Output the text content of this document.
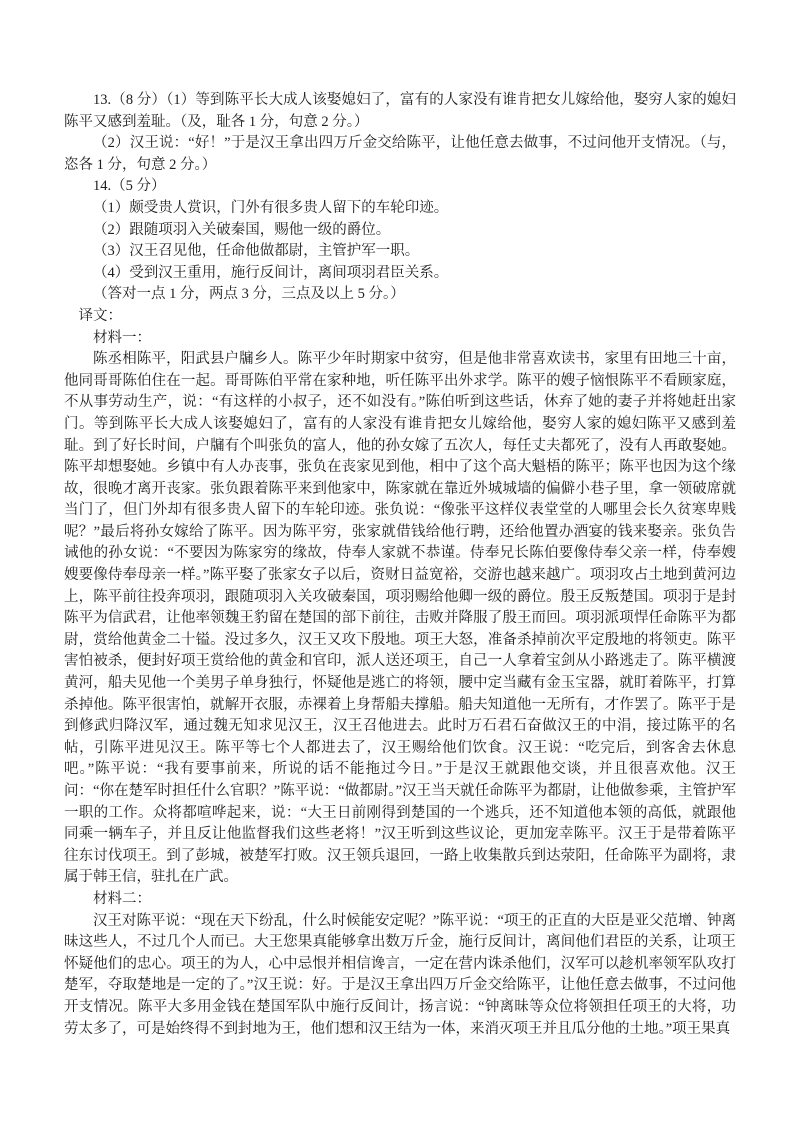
13.（8 分）（1）等到陈平长大成人该娶媳妇了，富有的人家没有谁肯把女儿嫁给他，娶穷人家的媳妇陈平又感到羞耻。（及，耻各 1 分，句意 2 分。）

（2）汉王说：“好！”于是汉王拿出四万斤金交给陈平，让他任意去做事，不过问他开支情况。（与，恣各 1 分，句意 2 分。）

14.（5 分）

（1）颇受贵人赏识，门外有很多贵人留下的车轮印迹。

（2）跟随项羽入关破秦国，赐他一级的爵位。

（3）汉王召见他，任命他做都尉，主管护军一职。

（4）受到汉王重用，施行反间计，离间项羽君臣关系。

（答对一点 1 分，两点 3 分，三点及以上 5 分。）

译文：

材料一：

陈丞相陈平，阳武县户牖乡人。陈平少年时期家中贫穷，但是他非常喜欢读书，家里有田地三十亩，他同哥哥陈伯住在一起。哥哥陈伯平常在家种地，听任陈平出外求学。陈平的嫂子恼恨陈平不看顾家庭，不从事劳动生产，说：“有这样的小叔子，还不如没有。”陈伯听到这些话，休弃了她的妻子并将她赶出家门。等到陈平长大成人该娶媳妇了，富有的人家没有谁肯把女儿嫁给他，娶穷人家的媳妇陈平又感到羞耻。到了好长时间，户牖有个叫张负的富人，他的孙女嫁了五次人，每任丈夫都死了，没有人再敢娶她。陈平却想娶她。乡镇中有人办丧事，张负在丧家见到他，相中了这个高大魁梧的陈平；陈平也因为这个缘故，很晚才离开丧家。张负跟着陈平来到他家中，陈家就在靠近外城城墙的偏僻小巷子里，拿一领破席就当门了，但门外却有很多贵人留下的车轮印迹。张负说：“像张平这样仪表堂堂的人哪里会长久贫寒卑贱呢？”最后将孙女嫁给了陈平。因为陈平穷，张家就借钱给他行聘，还给他置办酒宴的钱来娶亲。张负告诫他的孙女说：“不要因为陈家穷的缘故，侍奉人家就不恭谨。侍奉兄长陈伯要像侍奉父亲一样，侍奉嫂嫂要像侍奉母亲一样。”陈平娶了张家女子以后，资财日益宽裕，交游也越来越广。项羽攻占土地到黄河边上，陈平前往投奔项羽，跟随项羽入关攻破秦国，项羽赐给他卿一级的爵位。殷王反叛楚国。项羽于是封陈平为信武君，让他率领魏王豹留在楚国的部下前往，击败并降服了殷王而回。项羽派项悍任命陈平为都尉，赏给他黄金二十镒。没过多久，汉王又攻下殷地。项王大怒，准备杀掉前次平定殷地的将领吏。陈平害怕被杀，便封好项王赏给他的黄金和官印，派人送还项王，自己一人拿着宝剑从小路逃走了。陈平横渡黄河，船夫见他一个美男子单身独行，怀疑他是逃亡的将领，腰中定当藏有金玉宝器，就盯着陈平，打算杀掉他。陈平很害怕，就解开衣服，赤裸着上身帮船夫撑船。船夫知道他一无所有，才作罢了。陈平于是到修武归降汉军，通过魏无知求见汉王，汉王召他进去。此时万石君石奋做汉王的中涓，接过陈平的名帖，引陈平进见汉王。陈平等七个人都进去了，汉王赐给他们饮食。汉王说：“吃完后，到客舍去休息吧。”陈平说：“我有要事前来，所说的话不能拖过今日。”于是汉王就跟他交谈，并且很喜欢他。汉王问：“你在楚军时担任什么官职？”陈平说：“做都尉。”汉王当天就任命陈平为都尉，让他做参乘，主管护军一职的工作。众将都喧哗起来，说：“大王日前刚得到楚国的一个逃兵，还不知道他本领的高低，就跟他同乘一辆车子，并且反让他监督我们这些老将！”汉王听到这些议论，更加宠幸陈平。汉王于是带着陈平往东讨伐项王。到了彭城，被楚军打败。汉王领兵退回，一路上收集散兵到达荥阳，任命陈平为副将，隶属于韩王信，驻扎在广武。

材料二：

汉王对陈平说：“现在天下纷乱，什么时候能安定呢？”陈平说：“项王的正直的大臣是亚父范增、钟离昧这些人，不过几个人而已。大王您果真能够拿出数万斤金，施行反间计，离间他们君臣的关系，让项王怀疑他们的忠心。项王的为人，心中忌恨并相信谗言，一定在营内诛杀他们，汉军可以趁机率领军队攻打楚军，夺取楚地是一定的了。”汉王说：好。于是汉王拿出四万斤金交给陈平，让他任意去做事，不过问他开支情况。陈平大多用金钱在楚国军队中施行反间计，扬言说：“钟离昧等众位将领担任项王的大将，功劳太多了，可是始终得不到封地为王，他们想和汉王结为一体，来消灭项王并且瓜分他的土地。”项王果真
